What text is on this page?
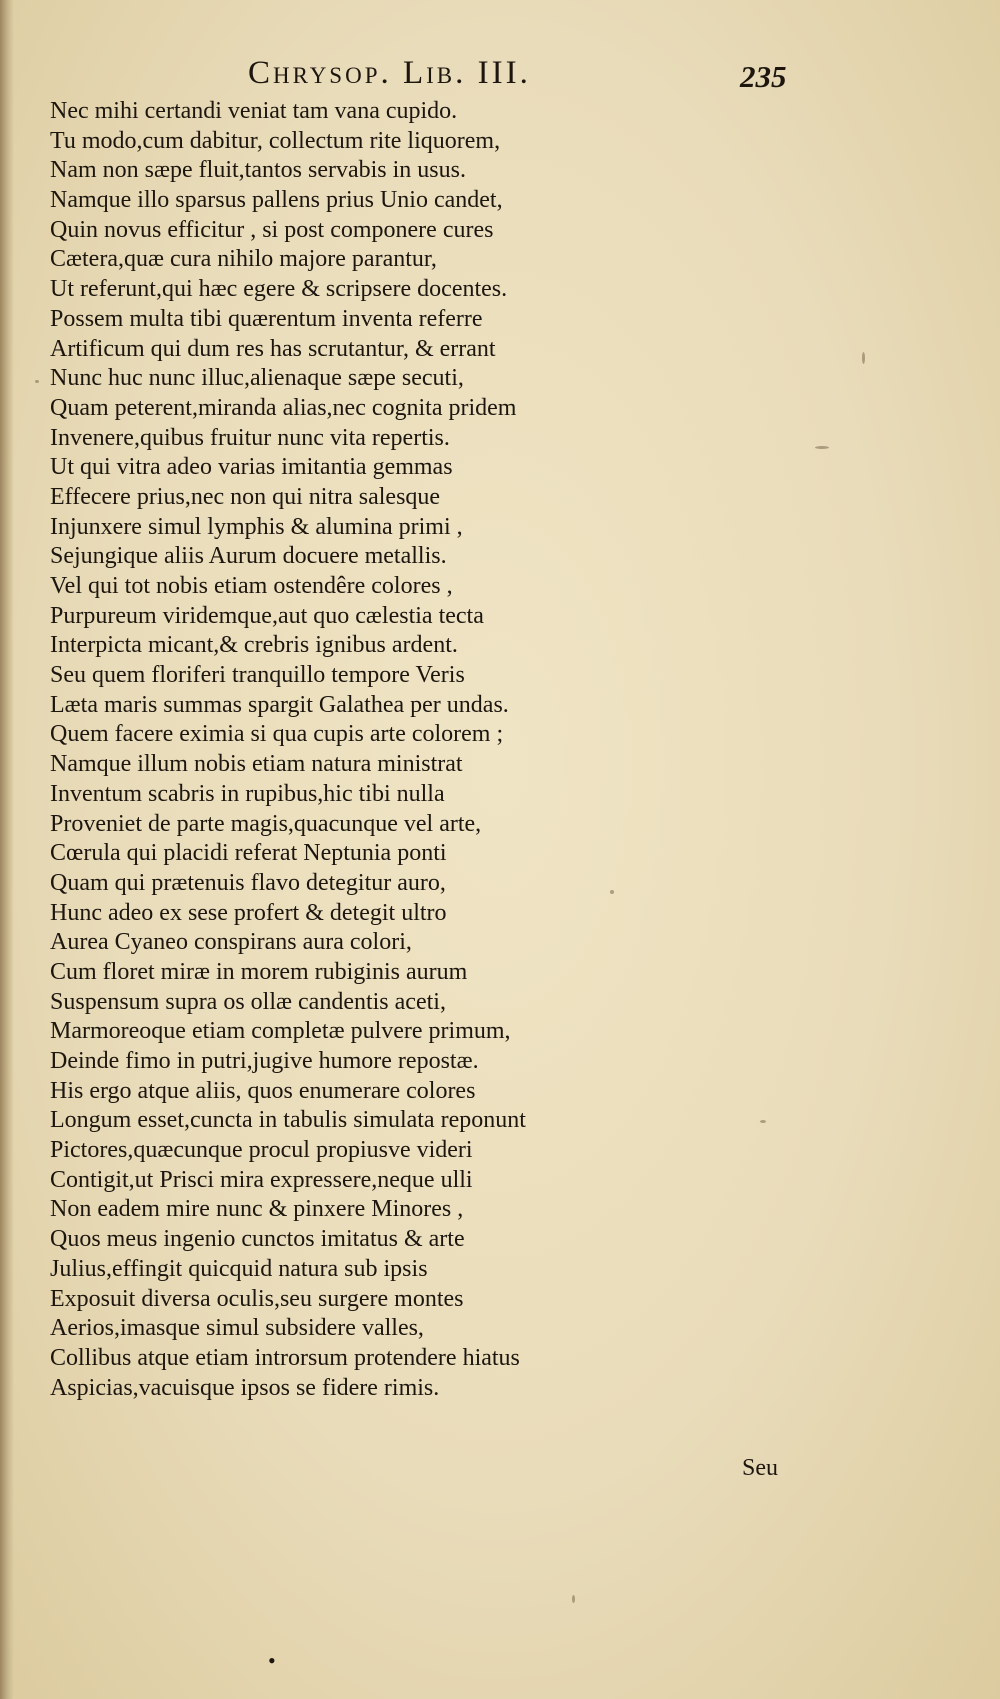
Chrysop. Lib. III.	235
Nec mihi certandi veniat tam vana cupido.
Tu modo,cum dabitur, collectum rite liquorem,
Nam non sæpe fluit,tantos servabis in usus.
Namque illo sparsus pallens prius Unio candet,
Quin novus efficitur , si post componere cures
Cætera,quæ cura nihilo majore parantur,
Ut referunt,qui hæc egere & scripsere docentes.
Possem multa tibi quærentum inventa referre
Artificum qui dum res has scrutantur, & errant
Nunc huc nunc illuc,alienaque sæpe secuti,
Quam peterent,miranda alias,nec cognita pridem
Invenere,quibus fruitur nunc vita repertis.
Ut qui vitra adeo varias imitantia gemmas
Effecere prius,nec non qui nitra salesque
Injunxere simul lymphis & alumina primi ,
Sejungique aliis Aurum docuere metallis.
Vel qui tot nobis etiam ostendêre colores ,
Purpureum viridemque,aut quo cælestia tecta
Interpicta micant,& crebris ignibus ardent.
Seu quem floriferi tranquillo tempore Veris
Læta maris summas spargit Galathea per undas.
Quem facere eximia si qua cupis arte colorem ;
Namque illum nobis etiam natura ministrat
Inventum scabris in rupibus,hic tibi nulla
Proveniet de parte magis,quacunque vel arte,
Cœrula qui placidi referat Neptunia ponti
Quam qui prætenuis flavo detegitur auro,
Hunc adeo ex sese profert & detegit ultro
Aurea Cyaneo conspirans aura colori,
Cum floret miræ in morem rubiginis aurum
Suspensum supra os ollæ candentis aceti,
Marmoreoque etiam completæ pulvere primum,
Deinde fimo in putri,jugive humore repostæ.
His ergo atque aliis, quos enumerare colores
Longum esset,cuncta in tabulis simulata reponunt
Pictores,quæcunque procul propiusve videri
Contigit,ut Prisci mira expressere,neque ulli
Non eadem mire nunc & pinxere Minores ,
Quos meus ingenio cunctos imitatus & arte
Julius,effingit quicquid natura sub ipsis
Exposuit diversa oculis,seu surgere montes
Aerios,imasque simul subsidere valles,
Collibus atque etiam introrsum protendere hiatus
Aspicias,vacuisque ipsos se fidere rimis.
Seu
•
